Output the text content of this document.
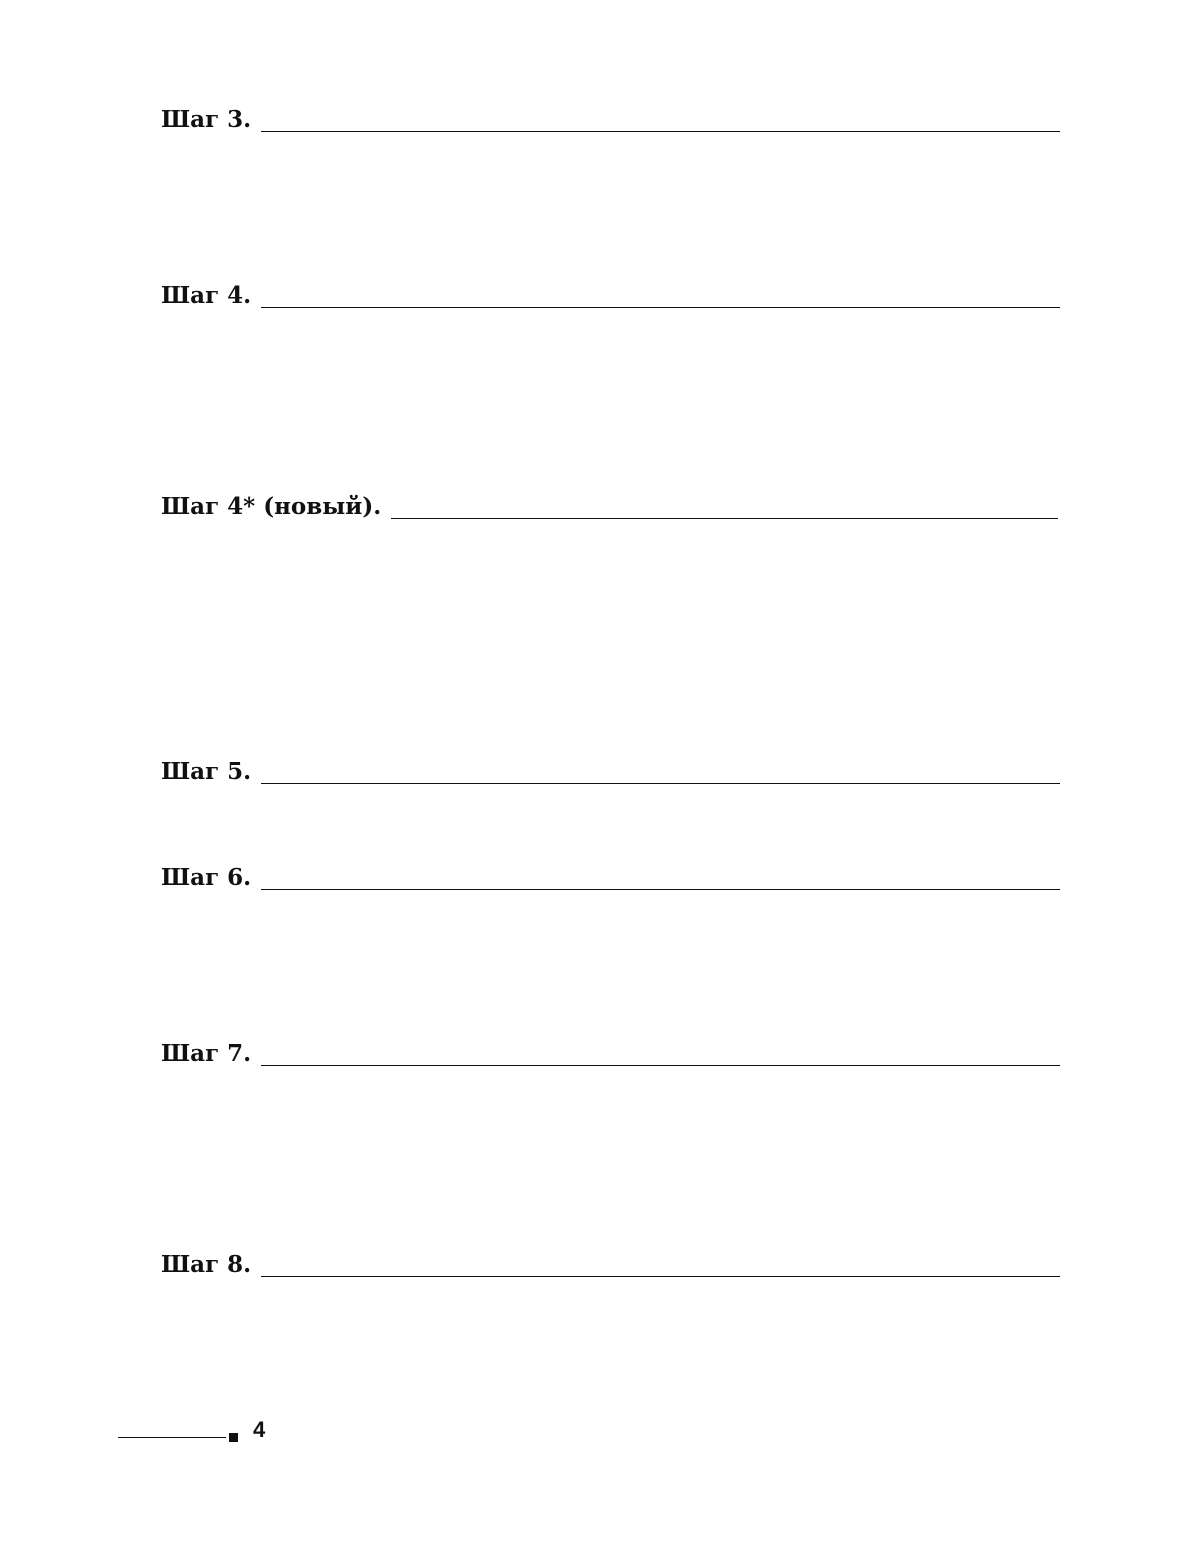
Шаг 3.
Шаг 4.
Шаг 4* (новый).
Шаг 5.
Шаг 6.
Шаг 7.
Шаг 8.
4
